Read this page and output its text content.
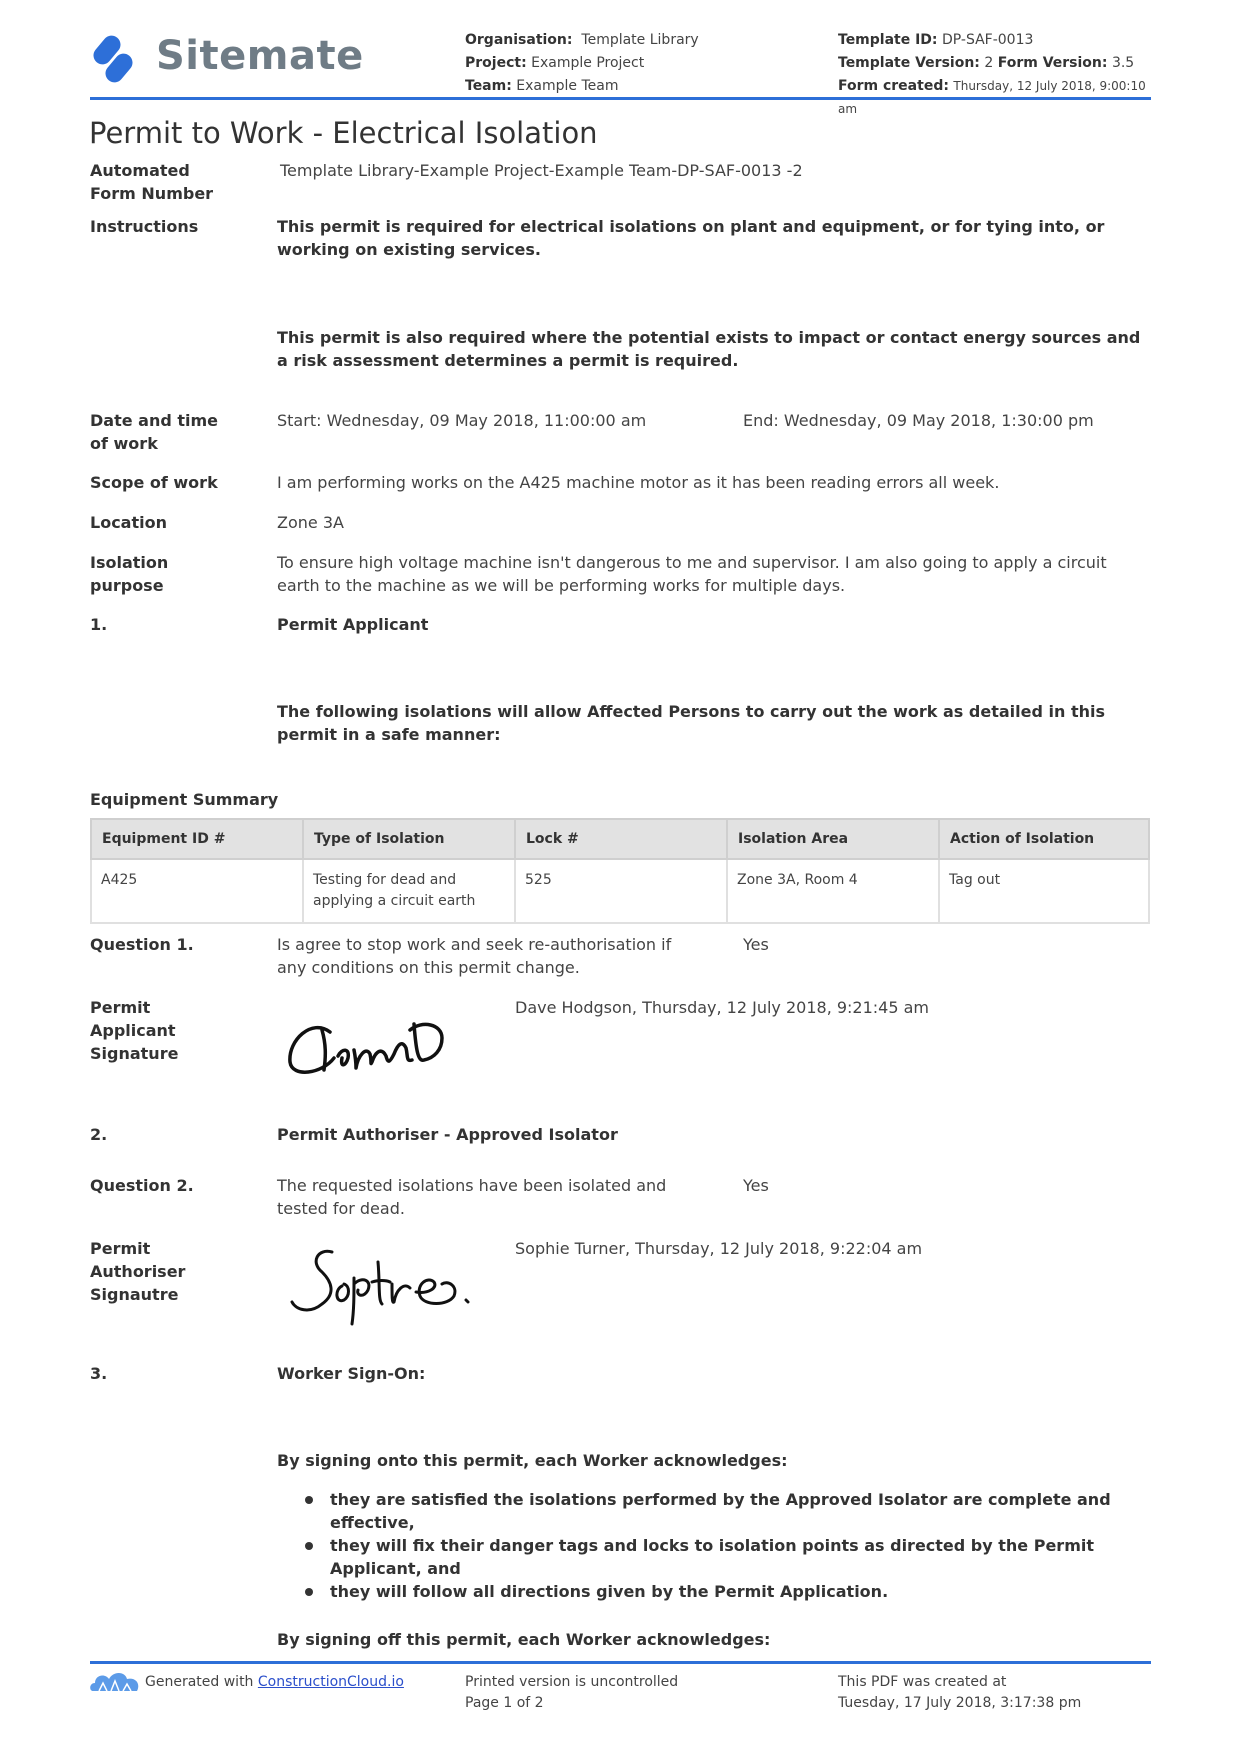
Sitemate	Organisation: Template Library
Project: Example Project
Team: Example Team
Template ID: DP-SAF-0013
Template Version: 2 Form Version: 3.5
Form created: Thursday, 12 July 2018, 9:00:10 am
Permit to Work - Electrical Isolation
Automated Form Number
Template Library-Example Project-Example Team-DP-SAF-0013 -2
Instructions	This permit is required for electrical isolations on plant and equipment, or for tying into, or working on existing services.
This permit is also required where the potential exists to impact or contact energy sources and a risk assessment determines a permit is required.
Date and time of work
Start: Wednesday, 09 May 2018, 11:00:00 am	End: Wednesday, 09 May 2018, 1:30:00 pm
Scope of work	I am performing works on the A425 machine motor as it has been reading errors all week.
Location	Zone 3A
Isolation purpose
To ensure high voltage machine isn't dangerous to me and supervisor. I am also going to apply a circuit earth to the machine as we will be performing works for multiple days.
1.	Permit Applicant
The following isolations will allow Affected Persons to carry out the work as detailed in this permit in a safe manner:
Equipment Summary
Equipment ID #	Type of Isolation	Lock #	Isolation Area	Action of Isolation
A425	Testing for dead and applying a circuit earth	525	Zone 3A, Room 4	Tag out
Question 1.	Is agree to stop work and seek re-authorisation if any conditions on this permit change.
Yes
Permit Applicant Signature
Dave Hodgson, Thursday, 12 July 2018, 9:21:45 am
2.	Permit Authoriser - Approved Isolator
Question 2.	The requested isolations have been isolated and tested for dead.
Yes
Permit Authoriser Signautre
Sophie Turner, Thursday, 12 July 2018, 9:22:04 am
3.	Worker Sign-On:
By signing onto this permit, each Worker acknowledges:
they are satisfied the isolations performed by the Approved Isolator are complete and effective,
they will fix their danger tags and locks to isolation points as directed by the Permit Applicant, and
they will follow all directions given by the Permit Application.
By signing off this permit, each Worker acknowledges:
Generated with ConstructionCloud.io	Printed version is uncontrolled
Page 1 of 2
This PDF was created at
Tuesday, 17 July 2018, 3:17:38 pm
